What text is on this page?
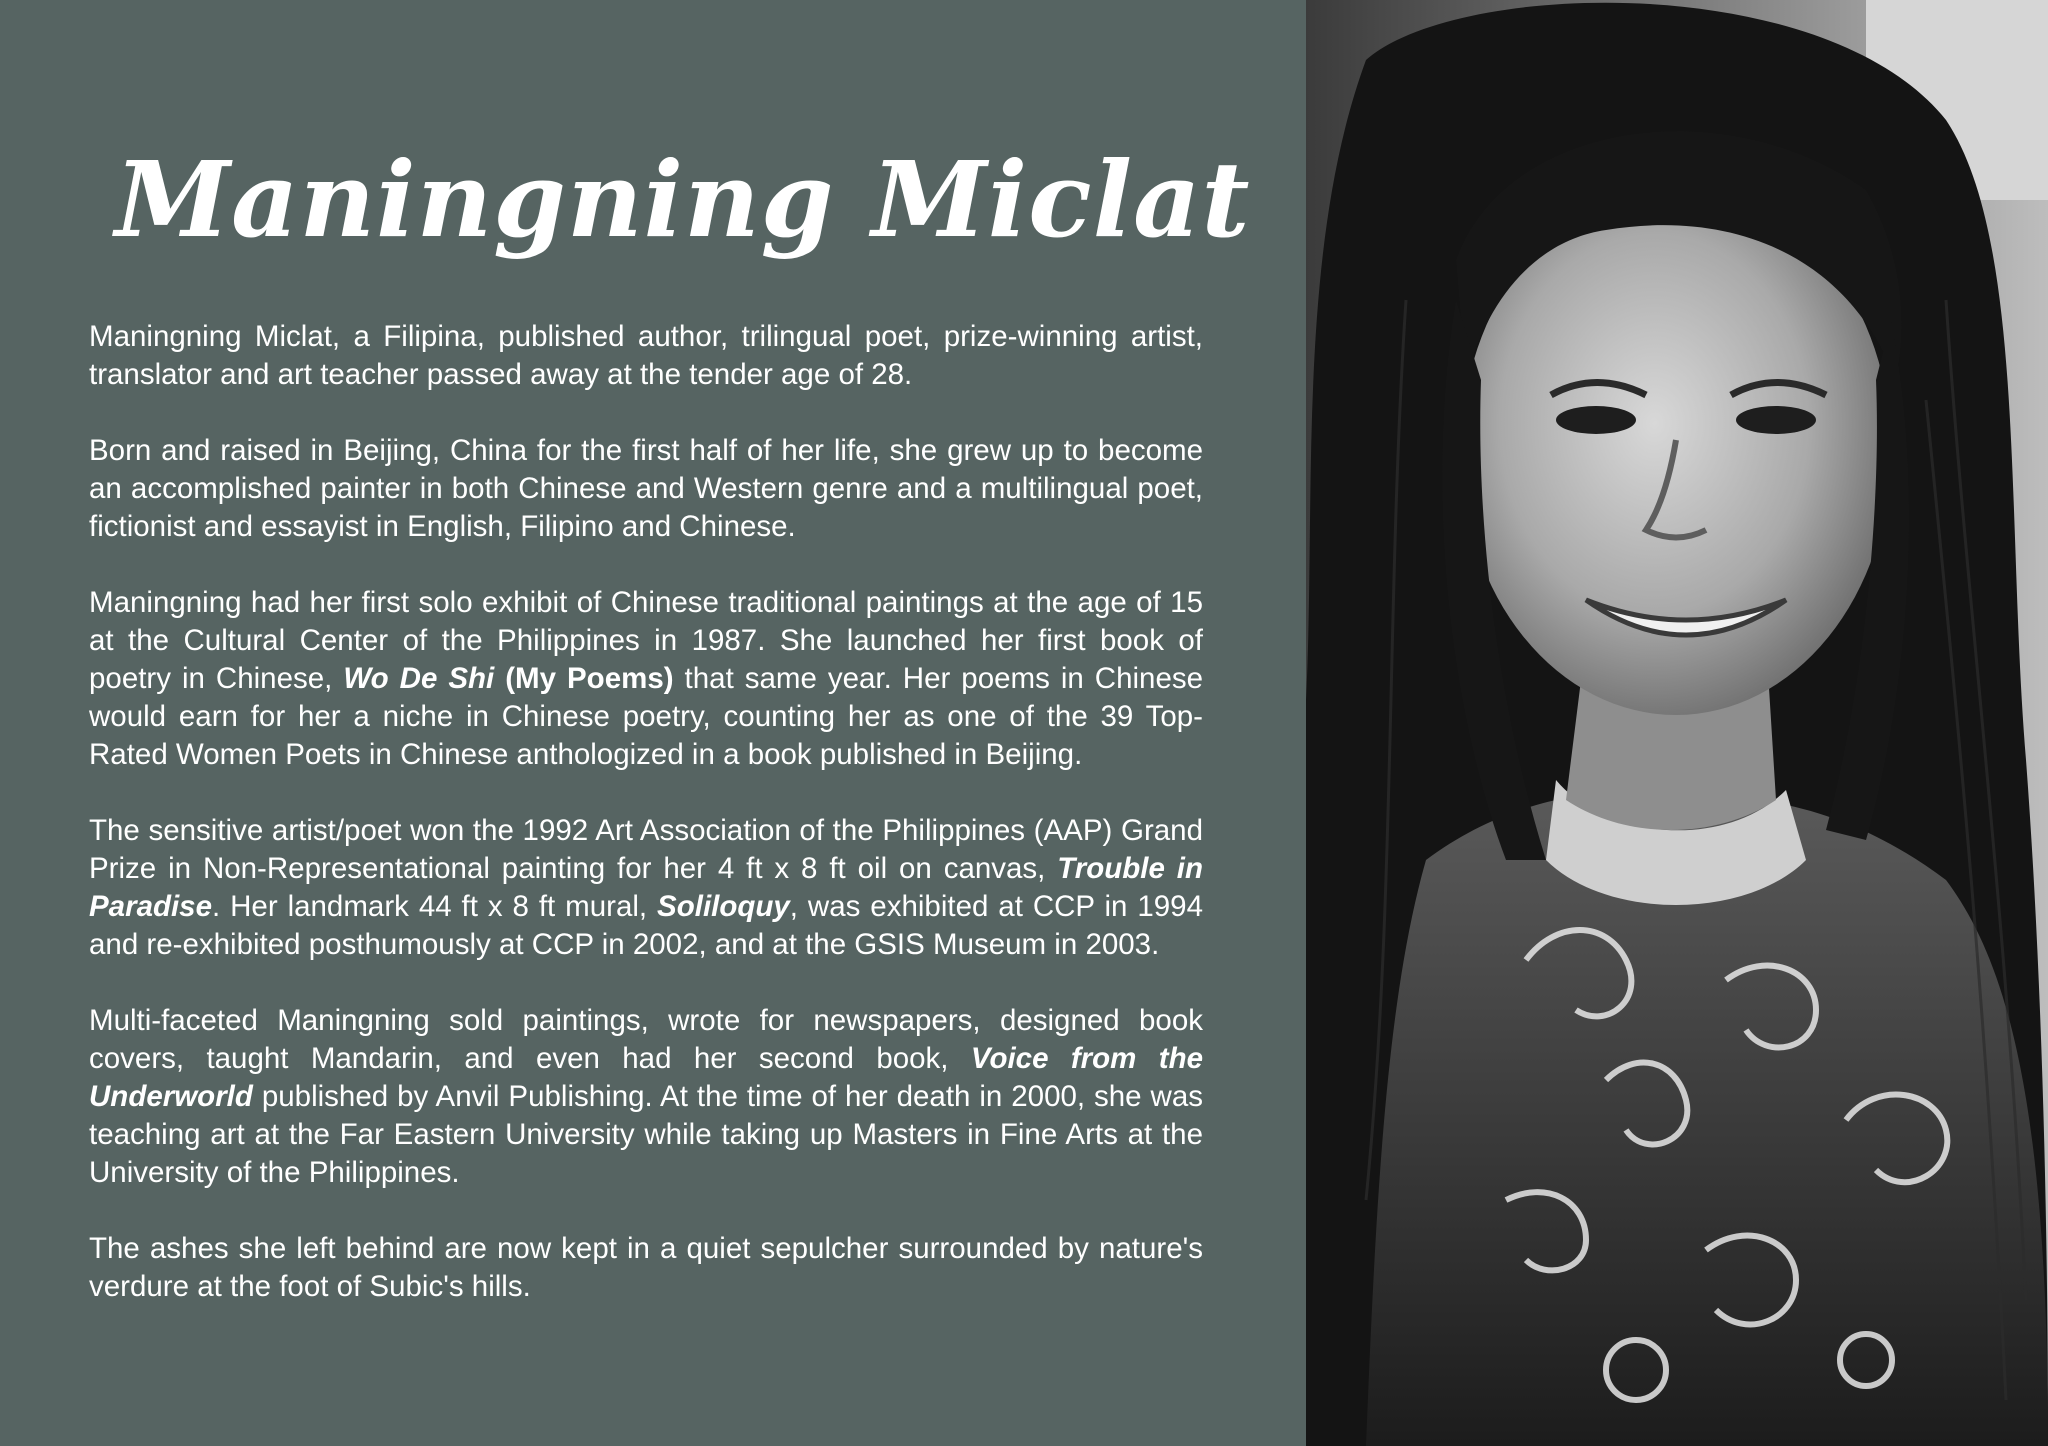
Maningning Miclat

Maningning Miclat, a Filipina, published author, trilingual poet, prize-winning artist, translator and art teacher passed away at the tender age of 28.

Born and raised in Beijing, China for the first half of her life, she grew up to become an accomplished painter in both Chinese and Western genre and a multilingual poet, fictionist and essayist in English, Filipino and Chinese.

Maningning had her first solo exhibit of Chinese traditional paintings at the age of 15 at the Cultural Center of the Philippines in 1987. She launched her first book of poetry in Chinese, Wo De Shi (My Poems) that same year. Her poems in Chinese would earn for her a niche in Chinese poetry, counting her as one of the 39 Top-Rated Women Poets in Chinese anthologized in a book published in Beijing.

The sensitive artist/poet won the 1992 Art Association of the Philippines (AAP) Grand Prize in Non-Representational painting for her 4 ft x 8 ft oil on canvas, Trouble in Paradise. Her landmark 44 ft x 8 ft mural, Soliloquy, was exhibited at CCP in 1994 and re-exhibited posthumously at CCP in 2002, and at the GSIS Museum in 2003.

Multi-faceted Maningning sold paintings, wrote for newspapers, designed book covers, taught Mandarin, and even had her second book, Voice from the Underworld published by Anvil Publishing. At the time of her death in 2000, she was teaching art at the Far Eastern University while taking up Masters in Fine Arts at the University of the Philippines.

The ashes she left behind are now kept in a quiet sepulcher surrounded by nature's verdure at the foot of Subic's hills.
